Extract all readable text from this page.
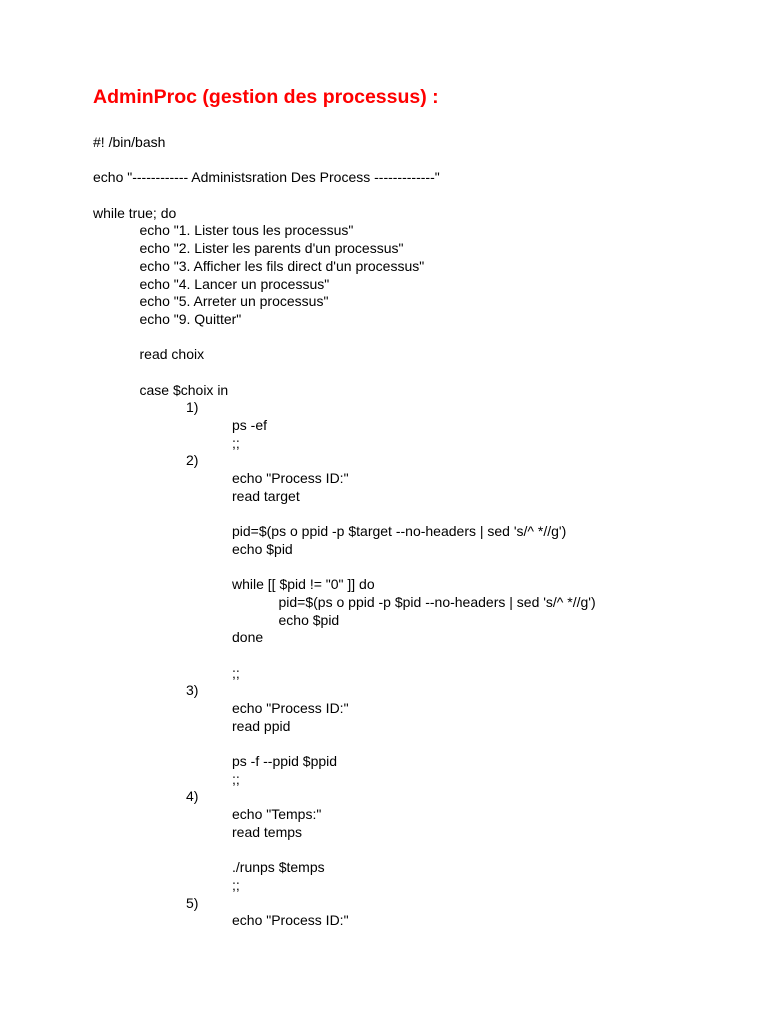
AdminProc (gestion des processus) :
#! /bin/bash
echo "------------ Administsration Des Process -------------"
while true; do
echo "1. Lister tous les processus"
echo "2. Lister les parents d'un processus"
echo "3. Afficher les fils direct d'un processus"
echo "4. Lancer un processus"
echo "5. Arreter un processus"
echo "9. Quitter"
read choix
case $choix in
1)
ps -ef
;;
2)
echo "Process ID:"
read target
pid=$(ps o ppid -p $target --no-headers | sed 's/^ *//g')
echo $pid
while [[ $pid != "0" ]] do
pid=$(ps o ppid -p $pid --no-headers | sed 's/^ *//g')
echo $pid
done
;;
3)
echo "Process ID:"
read ppid
ps -f --ppid $ppid
;;
4)
echo "Temps:"
read temps
./runps $temps
;;
5)
echo "Process ID:"
